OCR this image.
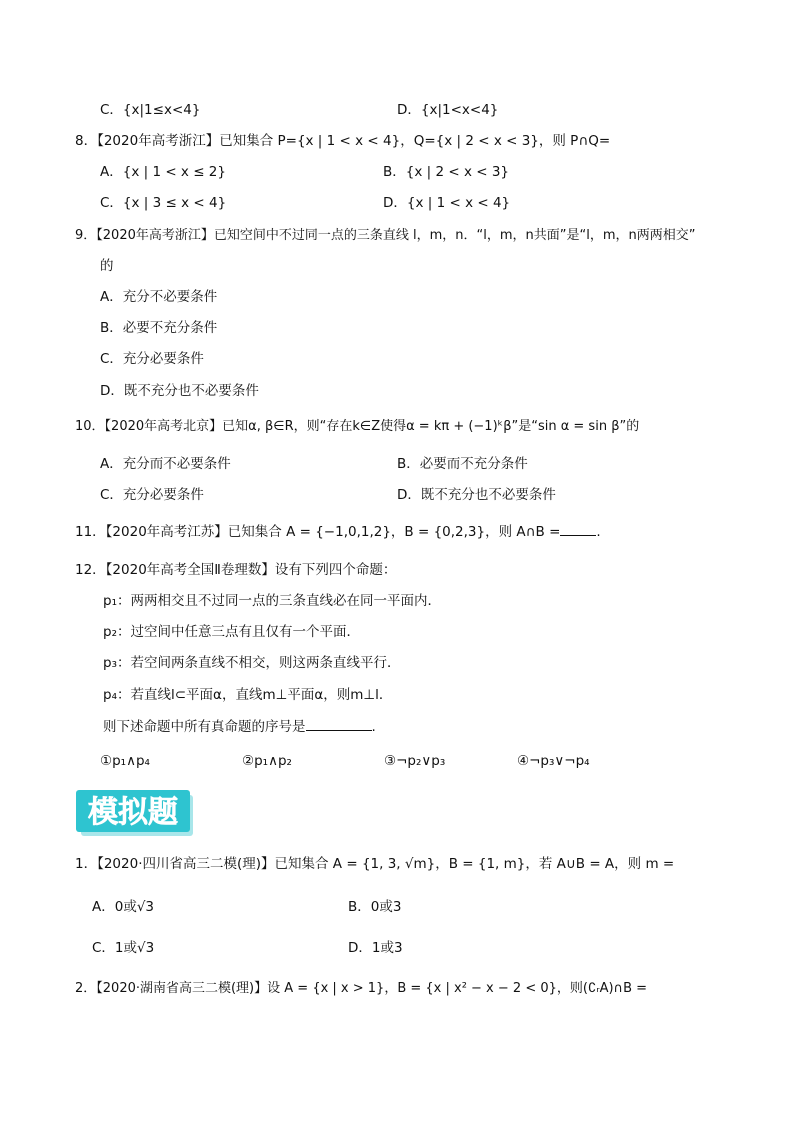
C．{x|1≤x<4}	D．{x|1<x<4}
8．【2020年高考浙江】已知集合 P={x | 1 < x < 4}，Q={x | 2 < x < 3}，则 P∩Q=
A．{x | 1 < x ≤ 2}	B．{x | 2 < x < 3}
C．{x | 3 ≤ x < 4}	D．{x | 1 < x < 4}
9．【2020年高考浙江】已知空间中不过同一点的三条直线 l，m，n．“l，m，n共面”是“l，m，n两两相交”
的
A．充分不必要条件
B．必要不充分条件
C．充分必要条件
D．既不充分也不必要条件
10．【2020年高考北京】已知α, β∈R，则“存在k∈Z使得α = kπ + (−1)ᵏβ”是“sin α = sin β”的
A．充分而不必要条件	B．必要而不充分条件
C．充分必要条件	D．既不充分也不必要条件
11．【2020年高考江苏】已知集合 A = {−1,0,1,2}，B = {0,2,3}，则 A∩B =	.
12．【2020年高考全国Ⅱ卷理数】设有下列四个命题：
p₁：两两相交且不过同一点的三条直线必在同一平面内．
p₂：过空间中任意三点有且仅有一个平面．
p₃：若空间两条直线不相交，则这两条直线平行．
p₄：若直线l⊂平面α，直线m⊥平面α，则m⊥l．
则下述命题中所有真命题的序号是	.
①p₁∧p₄	②p₁∧p₂	③¬p₂∨p₃	④¬p₃∨¬p₄
模拟题
1．【2020·四川省高三二模(理)】已知集合 A = {1, 3, √m}，B = {1, m}，若 A∪B = A，则 m =
A．0或√3	B．0或3
C．1或√3	D．1或3
2．【2020·湖南省高三二模(理)】设 A = {x | x > 1}，B = {x | x² − x − 2 < 0}，则(∁ᵣA)∩B =
